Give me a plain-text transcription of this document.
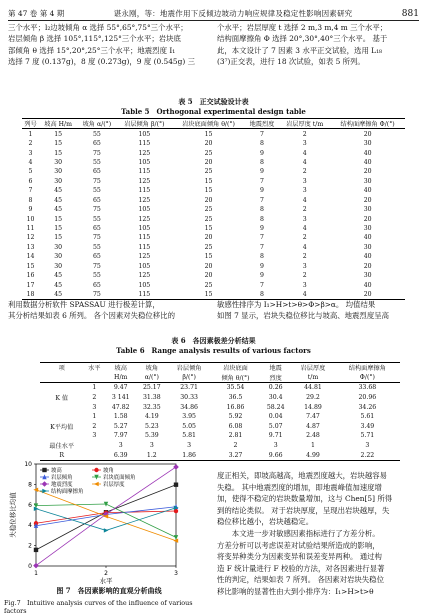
第 47 卷 第 4 期	谌永刚，等：地震作用下反倾边坡动力响应规律及稳定性影响因素研究	881

三个水平；l₂边坡倾角 α 选择 55°,65°,75°三个水平；

岩层倾角 β 选择 105°,115°,125°三个水平；岩块底

部倾角 θ 选择 15°,20°,25°三个水平；地震烈度 I₁

选择 7 度 (0.137g)，8 度 (0.273g)，9 度 (0.545g) 三

个水平；岩层厚度 t 选择 2 m,3 m,4 m 三个水平；

结构面摩擦角 Φ 选择 20°,30°,40°三个水平。 基于

此，本文设计了 7 因素 3 水平正交试验，选用 L₁₈

(3⁷)正交表，进行 18 次试验，如表 5 所列。

表 5　正交试验设计表
Table 5　Orthogonal experimental design table
列号	坡高 H/m	坡角 α/(°)	岩层倾角 β/(°)	岩块底面倾角 θ/(°)	地震烈度	岩层厚度 t/m	结构面摩擦角 Φ/(°)
1	15	55	105	15	7	2	20
2	15	65	115	20	8	3	30
3	15	75	125	25	9	4	40
4	30	55	105	20	8	4	40
5	30	65	115	25	9	2	20
6	30	75	125	15	7	3	30
7	45	55	115	15	9	3	40
8	45	65	125	20	7	4	20
9	45	75	105	25	8	2	30
10	15	55	125	25	8	3	20
11	15	65	105	15	9	4	30
12	15	75	115	20	7	2	40
13	30	55	115	25	7	4	30
14	30	65	125	15	8	2	40
15	30	75	105	20	9	3	20
16	45	55	125	20	9	2	30
17	45	65	105	25	7	3	40
18	45	75	115	15	8	4	20

利用数据分析软件 SPASSAU 进行极差计算，

其分析结果如表 6 所列。 各个因素对失稳位移比的

敏感性排序为 I₁>H>t>θ>Φ>β>α。 均值结果

如图 7 显示，岩块失稳位移比与坡高、地震烈度呈高

表 6　各因素极差分析结果
Table 6　Range analysis results of various factors
项	水平	坡高	坡角	岩层倾角	岩块底面	地震	岩层厚度	结构面摩擦角
		H/m	α/(°)	β/(°)	倾角 θ/(°)	烈度	t/m	Φ/(°)
K 值	1	9.47	25.17	23.71	35.54	0.26	44.81	33.68
	2	3 141	31.38	30.33	36.5	30.4	29.2	20.96
	3	47.82	32.35	34.86	16.86	58.24	14.89	34.26
K平均值	1	1.58	4.19	3.95	5.92	0.04	7.47	5.61
	2	5.27	5.23	5.05	6.08	5.07	4.87	3.49
	3	7.97	5.39	5.81	2.81	9.71	2.48	5.71
最佳水平		3	3	3	2	3	1	3
R		6.39	1.2	1.86	3.27	9.66	4.99	2.22
0
2
4
6
8
10
1	2	3
水平
失稳位移比均值
坡高	坡角
岩层倾角	岩块底面倾角
地震烈度	岩层厚度
结构面摩擦角
图 7　各因素影响的直观分析曲线
Fig.7　Intuitive analysis curves of the influence of various factors

度正相关，即坡高越高，地震烈度越大，岩块越容易

失稳。 其中地震烈度的增加，即地震峰值加速度增

加，使得不稳定的岩块数量增加，这与 Chen[5] 所得

到的结论类似。 对于岩块厚度，呈现出岩块越厚，失

稳位移比越小，岩块越稳定。

本文进一步对敏感因素指标进行了方差分析。

方差分析可以考虑误差对试验结果所造成的影响，

将变异种类分为因素变异和误差变异两种。 通过构

造 F 统计量进行 F 校验的方法，对各因素进行显著

性的判定，结果如表 7 所列。 各因素对岩块失稳位

移比影响的显著性由大到小排序为：I₁>H>t>θ
